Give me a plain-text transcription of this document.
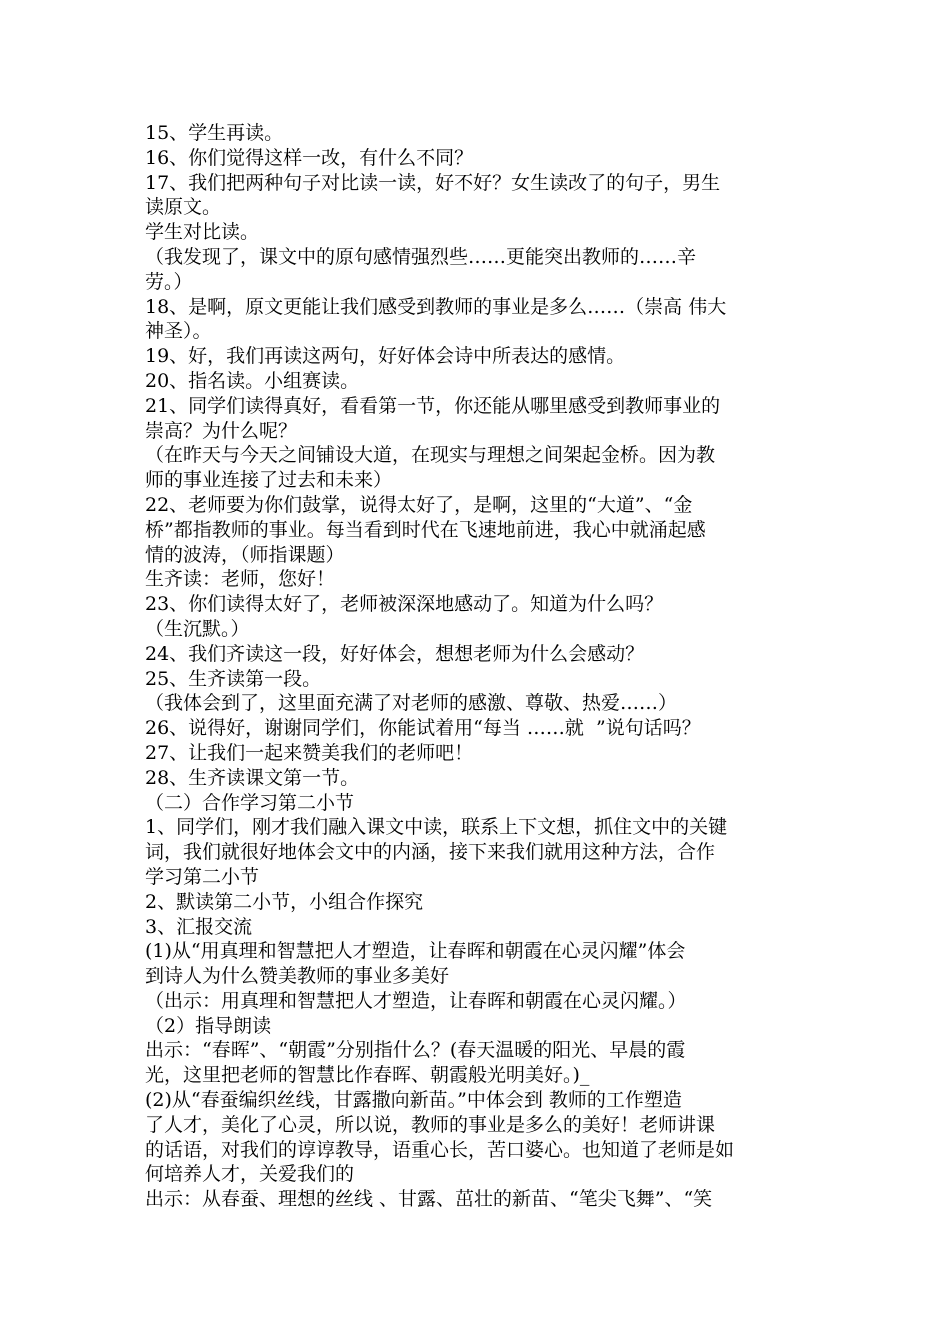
15、学生再读。

16、你们觉得这样一改，有什么不同？

17、我们把两种句子对比读一读，好不好？女生读改了的句子，男生

读原文。

学生对比读。

（我发现了，课文中的原句感情强烈些……更能突出教师的……辛

劳。）

18、是啊，原文更能让我们感受到教师的事业是多么……（崇高 伟大

神圣）。

19、好，我们再读这两句，好好体会诗中所表达的感情。

20、指名读。小组赛读。

21、同学们读得真好，看看第一节，你还能从哪里感受到教师事业的

崇高？为什么呢？

（在昨天与今天之间铺设大道，在现实与理想之间架起金桥。因为教

师的事业连接了过去和未来）

22、老师要为你们鼓掌，说得太好了，是啊，这里的“大道”、“金

桥”都指教师的事业。每当看到时代在飞速地前进，我心中就涌起感

情的波涛，（师指课题）

生齐读：老师，您好！

23、你们读得太好了，老师被深深地感动了。知道为什么吗？

（生沉默。）

24、我们齐读这一段，好好体会，想想老师为什么会感动？

25、生齐读第一段。

（我体会到了，这里面充满了对老师的感激、尊敬、热爱……）

26、说得好，谢谢同学们，你能试着用“每当 ……就  ”说句话吗？

27、让我们一起来赞美我们的老师吧！

28、生齐读课文第一节。

（二）合作学习第二小节

1、同学们，刚才我们融入课文中读，联系上下文想，抓住文中的关键

词，我们就很好地体会文中的内涵，接下来我们就用这种方法，合作

学习第二小节

2、默读第二小节，小组合作探究

3、汇报交流

(1)从“用真理和智慧把人才塑造，让春晖和朝霞在心灵闪耀”体会

到诗人为什么赞美教师的事业多美好

（出示：用真理和智慧把人才塑造，让春晖和朝霞在心灵闪耀。）

（2）指导朗读

出示：“春晖”、“朝霞”分别指什么？(春天温暖的阳光、早晨的霞

光，这里把老师的智慧比作春晖、朝霞般光明美好。)_

(2)从“春蚕编织丝线，甘露撒向新苗。”中体会到 教师的工作塑造

了人才，美化了心灵，所以说，教师的事业是多么的美好！老师讲课

的话语，对我们的谆谆教导，语重心长，苦口婆心。也知道了老师是如

何培养人才，关爱我们的

出示：从春蚕、理想的丝线 、甘露、茁壮的新苗、“笔尖飞舞”、“笑
